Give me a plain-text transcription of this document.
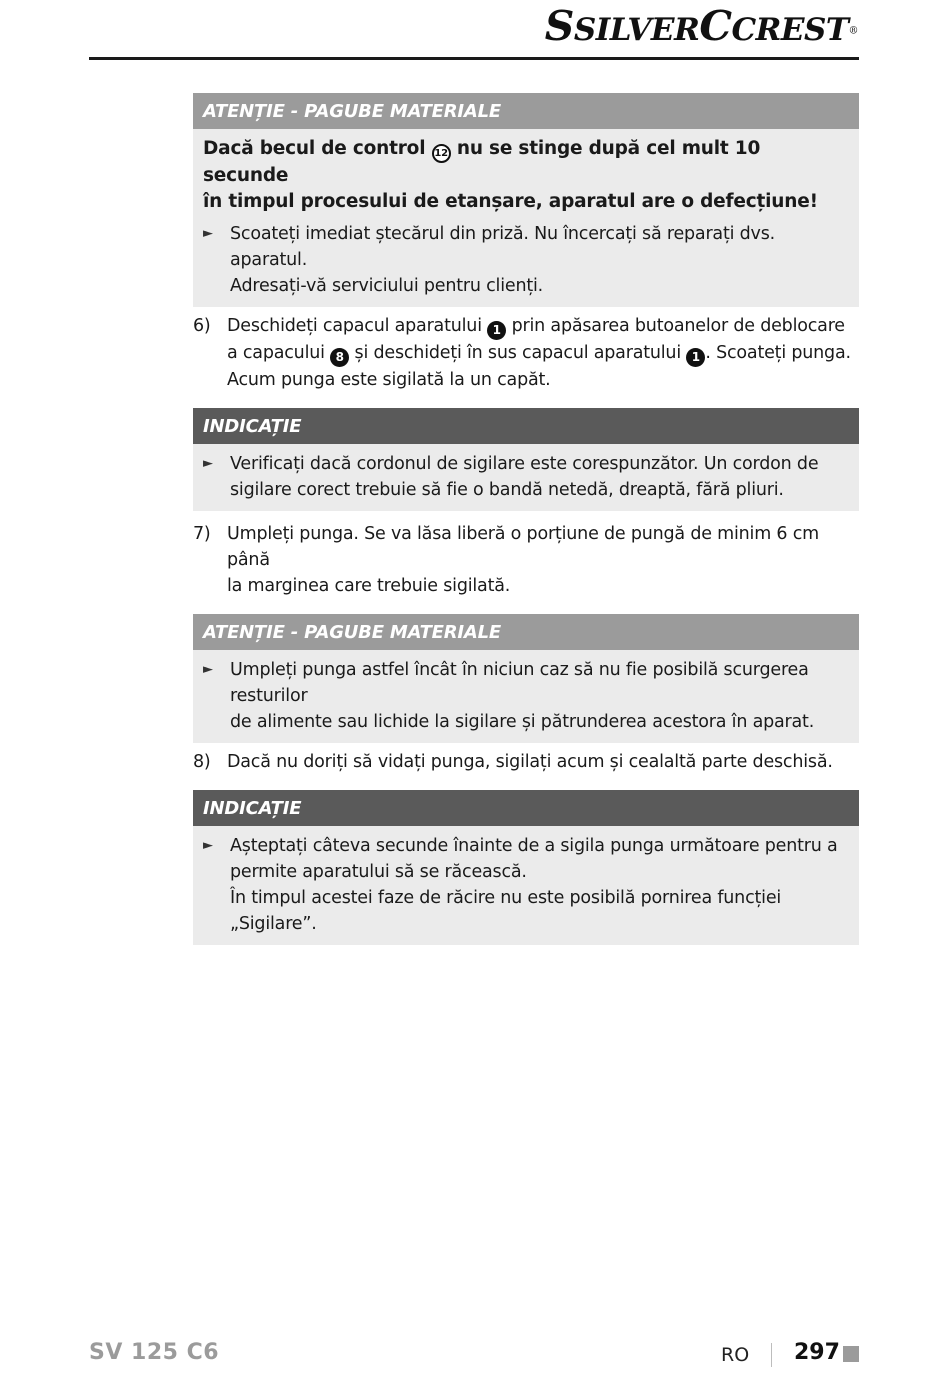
SSILVERCCREST®
ATENȚIE - PAGUBE MATERIALE

Dacă becul de control 12 nu se stinge după cel mult 10 secunde
în timpul procesului de etanșare, aparatul are o defecțiune!

► Scoateți imediat ștecărul din priză. Nu încercați să reparați dvs. aparatul.
Adresați-vă serviciului pentru clienți.
6) Deschideți capacul aparatului 1 prin apăsarea butoanelor de deblocare
a capacului 8 și deschideți în sus capacul aparatului 1 . Scoateți punga.
Acum punga este sigilată la un capăt.
INDICAȚIE
► Verificați dacă cordonul de sigilare este corespunzător. Un cordon de
sigilare corect trebuie să fie o bandă netedă, dreaptă, fără pliuri.
7) Umpleți punga. Se va lăsa liberă o porțiune de pungă de minim 6 cm până
la marginea care trebuie sigilată.
ATENȚIE - PAGUBE MATERIALE
► Umpleți punga astfel încât în niciun caz să nu fie posibilă scurgerea resturilor
de alimente sau lichide la sigilare și pătrunderea acestora în aparat.
8) Dacă nu doriți să vidați punga, sigilați acum și cealaltă parte deschisă.
INDICAȚIE
► Așteptați câteva secunde înainte de a sigila punga următoare pentru a
permite aparatului să se răcească.
În timpul acestei faze de răcire nu este posibilă pornirea funcției „Sigilare”.
SV 125 C6	RO 297
